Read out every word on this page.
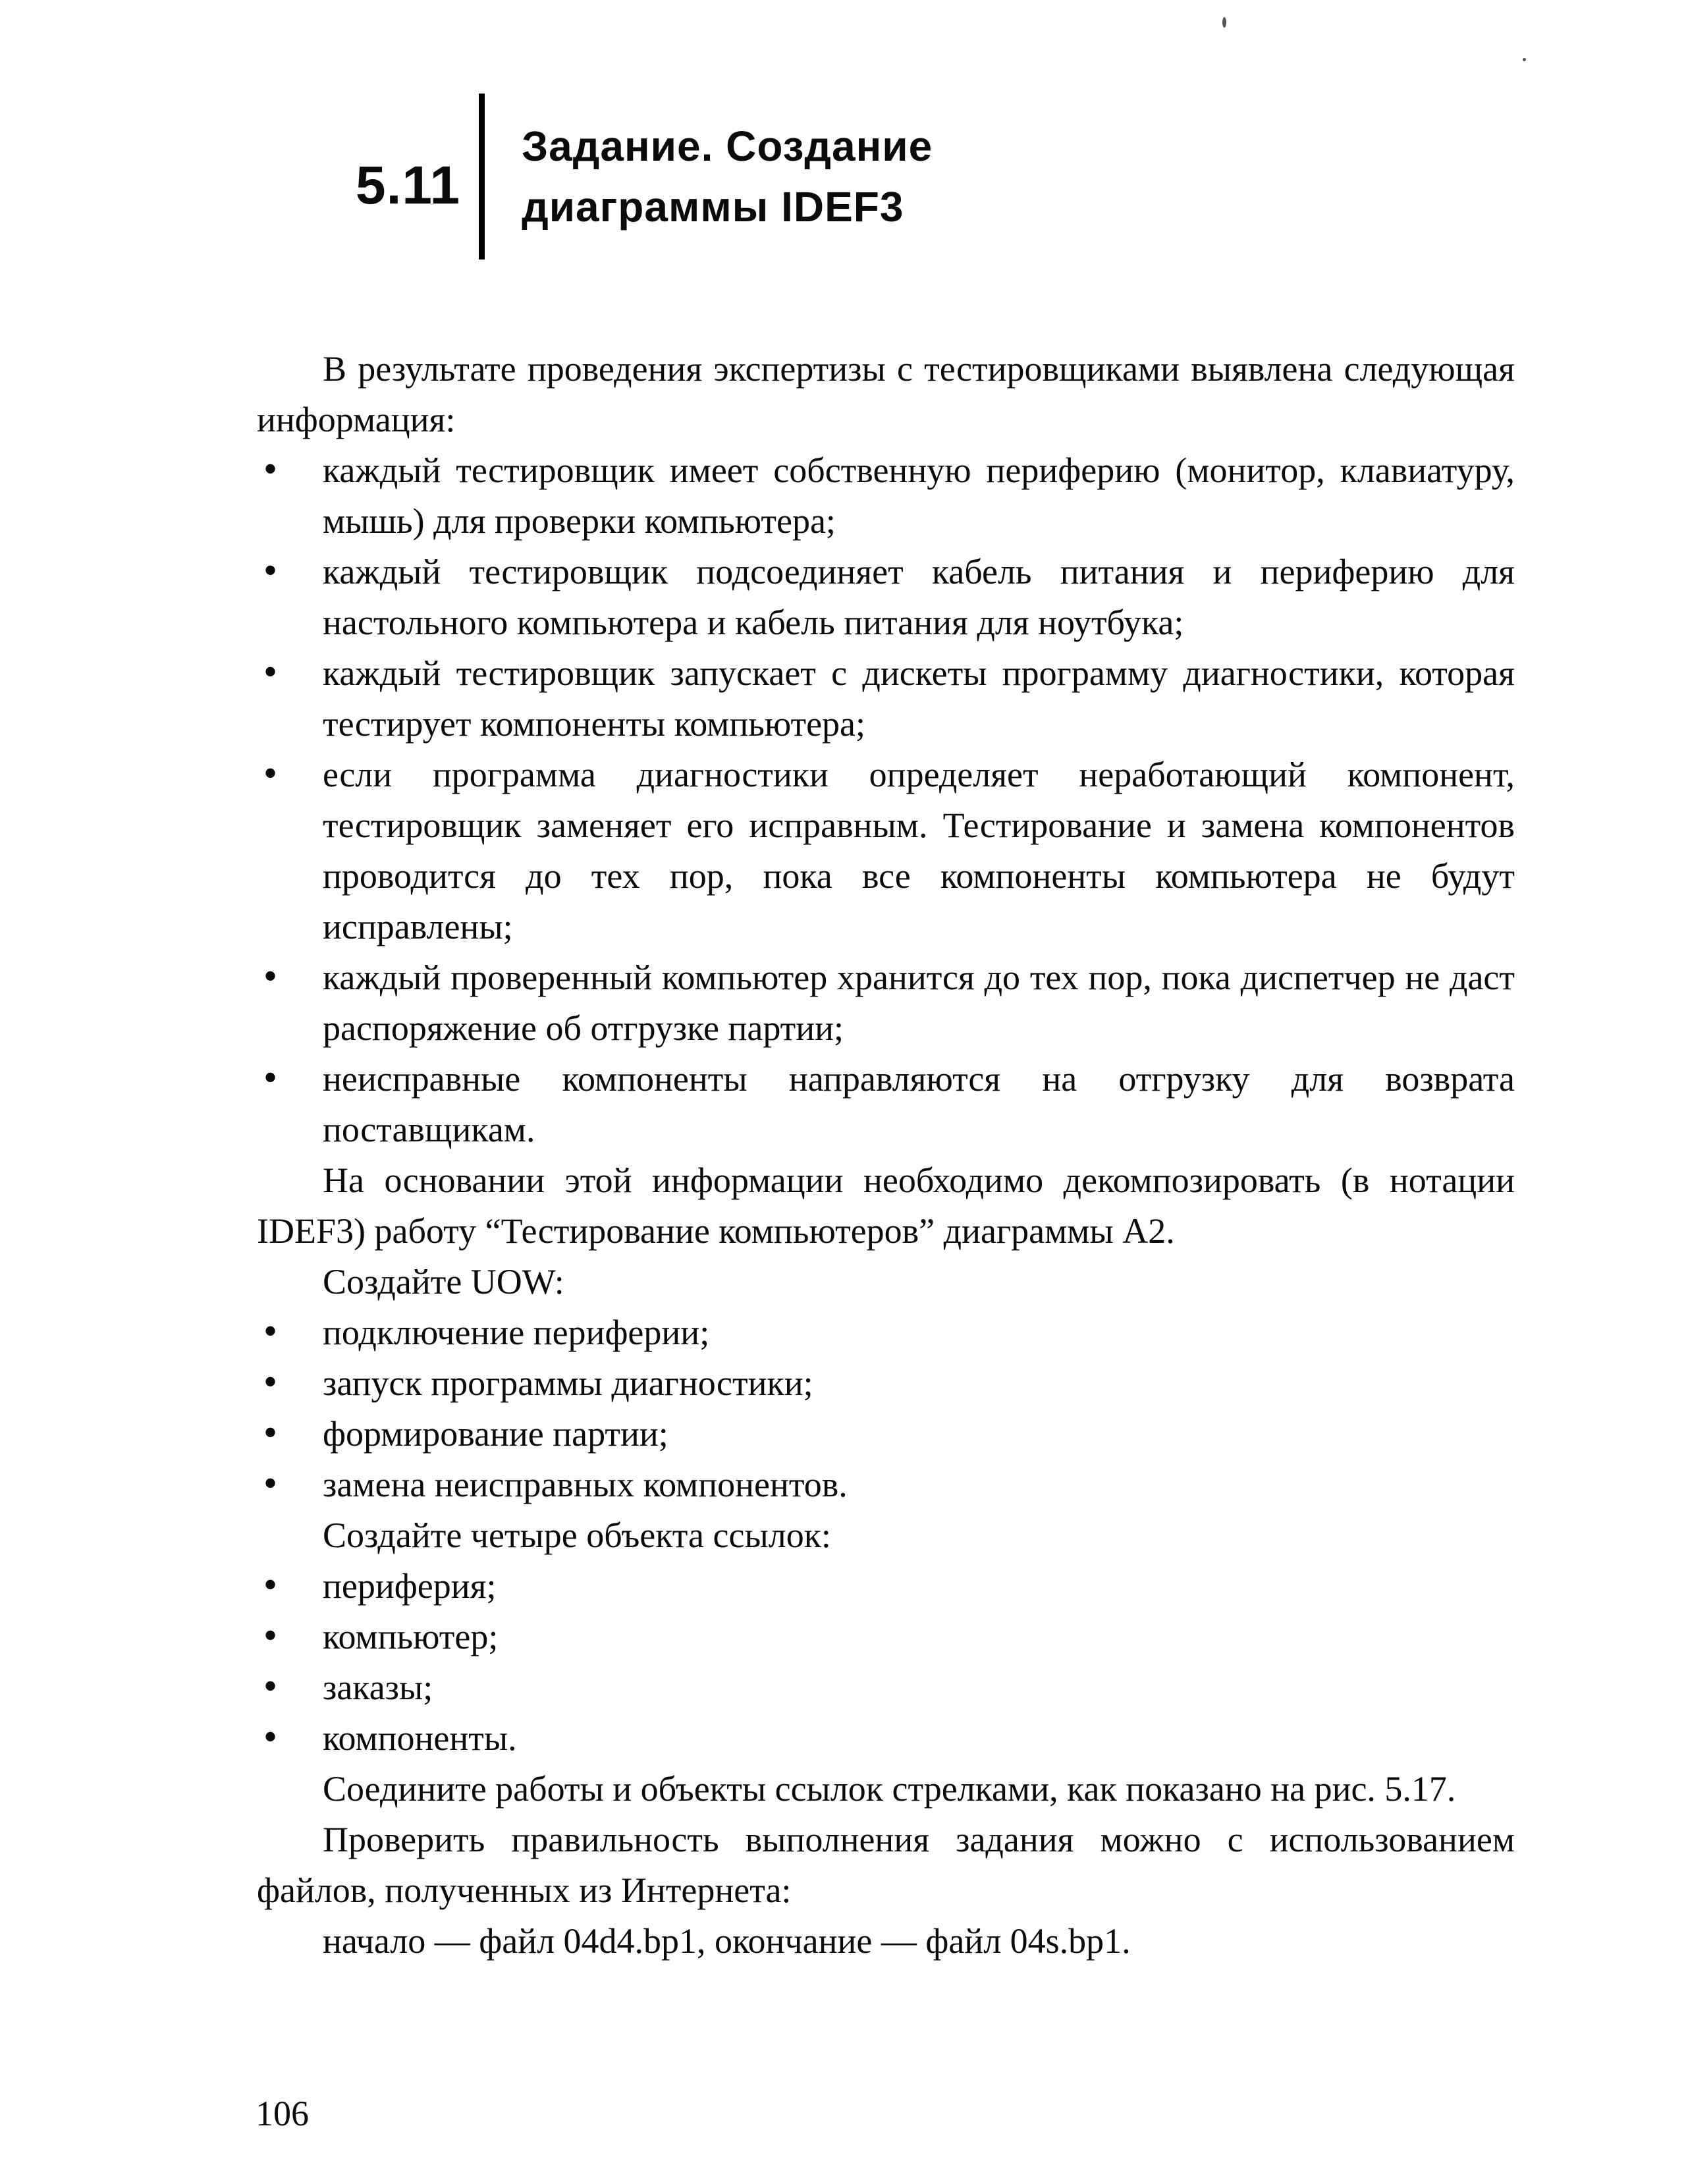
5.11
Задание. Создание
диаграммы IDEF3

В результате проведения экспертизы с тестировщиками выявлена следующая информация:

• каждый тестировщик имеет собственную периферию (монитор, клавиатуру, мышь) для проверки компьютера;
• каждый тестировщик подсоединяет кабель питания и периферию для настольного компьютера и кабель питания для ноутбука;
• каждый тестировщик запускает с дискеты программу диагностики, которая тестирует компоненты компьютера;
• если программа диагностики определяет неработающий компонент, тестировщик заменяет его исправным. Тестирование и замена компонентов проводится до тех пор, пока все компоненты компьютера не будут исправлены;
• каждый проверенный компьютер хранится до тех пор, пока диспетчер не даст распоряжение об отгрузке партии;
• неисправные компоненты направляются на отгрузку для возврата поставщикам.

На основании этой информации необходимо декомпозировать (в нотации IDEF3) работу “Тестирование компьютеров” диаграммы А2.

Создайте UOW:

• подключение периферии;
• запуск программы диагностики;
• формирование партии;
• замена неисправных компонентов.

Создайте четыре объекта ссылок:

• периферия;
• компьютер;
• заказы;
• компоненты.

Соедините работы и объекты ссылок стрелками, как показано на рис. 5.17.

Проверить правильность выполнения задания можно с использованием файлов, полученных из Интернета:

начало — файл 04d4.bp1, окончание — файл 04s.bp1.

106
